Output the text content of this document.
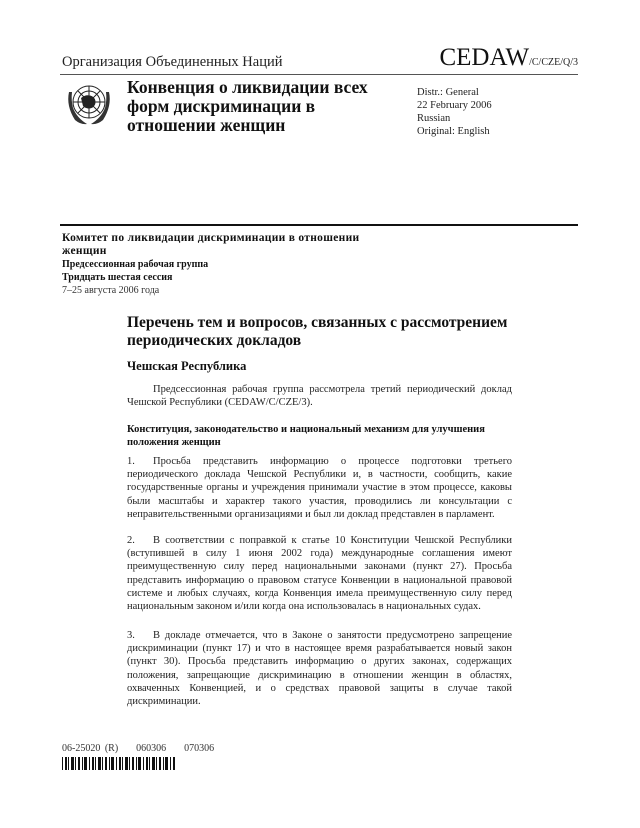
Организация Объединенных Наций	CEDAW/C/CZE/Q/3
Конвенция о ликвидации всех форм дискриминации в отношении женщин
Distr.: General
22 February 2006
Russian
Original: English
Комитет по ликвидации дискриминации в отношении женщин
Предсессионная рабочая группа
Тридцать шестая сессия
7–25 августа 2006 года
Перечень тем и вопросов, связанных с рассмотрением периодических докладов
Чешская Республика
Предсессионная рабочая группа рассмотрела третий периодический доклад Чешской Республики (CEDAW/C/CZE/3).
Конституция, законодательство и национальный механизм для улучшения положения женщин
1. Просьба представить информацию о процессе подготовки третьего периодического доклада Чешской Республики и, в частности, сообщить, какие государственные органы и учреждения принимали участие в этом процессе, каковы были масштабы и характер такого участия, проводились ли консультации с неправительственными организациями и был ли доклад представлен в парламент.
2. В соответствии с поправкой к статье 10 Конституции Чешской Республики (вступившей в силу 1 июня 2002 года) международные соглашения имеют преимущественную силу перед национальными законами (пункт 27). Просьба представить информацию о правовом статусе Конвенции в национальной правовой системе и любых случаях, когда Конвенция имела преимущественную силу перед национальным законом и/или когда она использовалась в национальных судах.
3. В докладе отмечается, что в Законе о занятости предусмотрено запрещение дискриминации (пункт 17) и что в настоящее время разрабатывается новый закон (пункт 30). Просьба представить информацию о других законах, содержащих положения, запрещающие дискриминацию в отношении женщин в областях, охваченных Конвенцией, и о средствах правовой защиты в случае такой дискриминации.
06-25020 (R)    060306    070306
